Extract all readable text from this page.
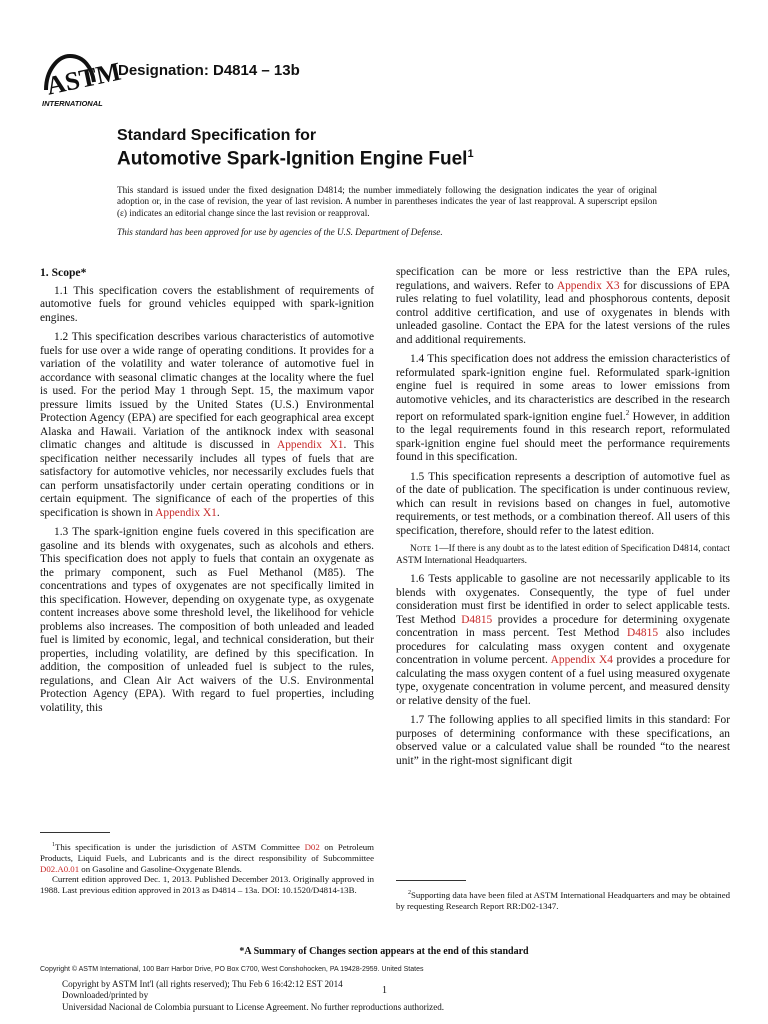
ASTM
INTERNATIONAL
Designation: D4814 – 13b
Standard Specification for
Automotive Spark-Ignition Engine Fuel$^1$

This standard is issued under the fixed designation D4814; the number immediately following the designation indicates the year of original adoption or, in the case of revision, the year of last revision. A number in parentheses indicates the year of last reapproval. A superscript epsilon (ε) indicates an editorial change since the last revision or reapproval.

This standard has been approved for use by agencies of the U.S. Department of Defense.

1. Scope*

1.1 This specification covers the establishment of requirements of automotive fuels for ground vehicles equipped with spark-ignition engines.

1.2 This specification describes various characteristics of automotive fuels for use over a wide range of operating conditions. It provides for a variation of the volatility and water tolerance of automotive fuel in accordance with seasonal climatic changes at the locality where the fuel is used. For the period May 1 through Sept. 15, the maximum vapor pressure limits issued by the United States (U.S.) Environmental Protection Agency (EPA) are specified for each geographical area except Alaska and Hawaii. Variation of the antiknock index with seasonal climatic changes and altitude is discussed in Appendix X1. This specification neither necessarily includes all types of fuels that are satisfactory for automotive vehicles, nor necessarily excludes fuels that can perform unsatisfactorily under certain operating conditions or in certain equipment. The significance of each of the properties of this specification is shown in Appendix X1.

1.3 The spark-ignition engine fuels covered in this specification are gasoline and its blends with oxygenates, such as alcohols and ethers. This specification does not apply to fuels that contain an oxygenate as the primary component, such as Fuel Methanol (M85). The concentrations and types of oxygenates are not specifically limited in this specification. However, depending on oxygenate type, as oxygenate content increases above some threshold level, the likelihood for vehicle problems also increases. The composition of both unleaded and leaded fuel is limited by economic, legal, and technical consideration, but their properties, including volatility, are defined by this specification. In addition, the composition of unleaded fuel is subject to the rules, regulations, and Clean Air Act waivers of the U.S. Environmental Protection Agency (EPA). With regard to fuel properties, including volatility, this

specification can be more or less restrictive than the EPA rules, regulations, and waivers. Refer to Appendix X3 for discussions of EPA rules relating to fuel volatility, lead and phosphorous contents, deposit control additive certification, and use of oxygenates in blends with unleaded gasoline. Contact the EPA for the latest versions of the rules and additional requirements.

1.4 This specification does not address the emission characteristics of reformulated spark-ignition engine fuel. Reformulated spark-ignition engine fuel is required in some areas to lower emissions from automotive vehicles, and its characteristics are described in the research report on reformulated spark-ignition engine fuel.$^2$ However, in addition to the legal requirements found in this research report, reformulated spark-ignition engine fuel should meet the performance requirements found in this specification.

1.5 This specification represents a description of automotive fuel as of the date of publication. The specification is under continuous review, which can result in revisions based on changes in fuel, automotive requirements, or test methods, or a combination thereof. All users of this specification, therefore, should refer to the latest edition.

Note 1—If there is any doubt as to the latest edition of Specification D4814, contact ASTM International Headquarters.

1.6 Tests applicable to gasoline are not necessarily applicable to its blends with oxygenates. Consequently, the type of fuel under consideration must first be identified in order to select applicable tests. Test Method D4815 provides a procedure for determining oxygenate concentration in mass percent. Test Method D4815 also includes procedures for calculating mass oxygen content and oxygenate concentration in volume percent. Appendix X4 provides a procedure for calculating the mass oxygen content of a fuel using measured oxygenate type, oxygenate concentration in volume percent, and measured density or relative density of the fuel.

1.7 The following applies to all specified limits in this standard: For purposes of determining conformance with these specifications, an observed value or a calculated value shall be rounded “to the nearest unit” in the right-most significant digit

$^1$This specification is under the jurisdiction of ASTM Committee D02 on Petroleum Products, Liquid Fuels, and Lubricants and is the direct responsibility of Subcommittee D02.A0.01 on Gasoline and Gasoline-Oxygenate Blends.

Current edition approved Dec. 1, 2013. Published December 2013. Originally approved in 1988. Last previous edition approved in 2013 as D4814 – 13a. DOI: 10.1520/D4814-13B.	$^2$Supporting data have been filed at ASTM International Headquarters and may be obtained by requesting Research Report RR:D02-1347.

*A Summary of Changes section appears at the end of this standard
Copyright © ASTM International, 100 Barr Harbor Drive, PO Box C700, West Conshohocken, PA 19428-2959. United States
Copyright by ASTM Int'l (all rights reserved); Thu Feb 6 16:42:12 EST 2014
Downloaded/printed by
Universidad Nacional de Colombia pursuant to License Agreement. No further reproductions authorized.
1
